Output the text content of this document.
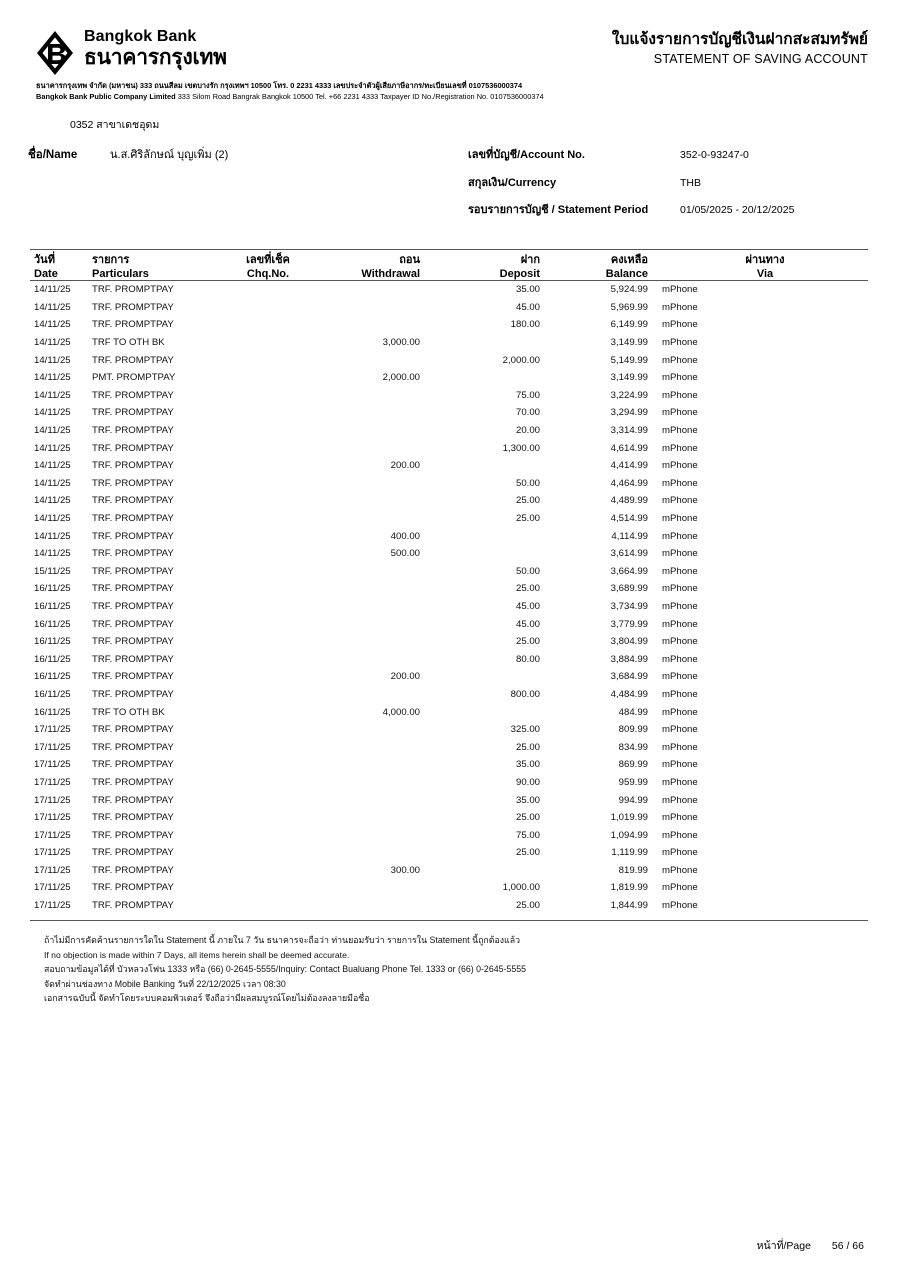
Bangkok Bank
ธนาคารกรุงเทพ
ใบแจ้งรายการบัญชีเงินฝากสะสมทรัพย์
STATEMENT OF SAVING ACCOUNT
ธนาคารกรุงเทพ จำกัด (มหาชน) 333 ถนนสีลม เขตบางรัก กรุงเทพฯ 10500 โทร. 0 2231 4333 เลขประจำตัวผู้เสียภาษีอากร/ทะเบียนเลขที่ 0107536000374
Bangkok Bank Public Company Limited 333 Silom Road Bangrak Bangkok 10500 Tel. +66 2231 4333 Taxpayer ID No./Registration No. 0107536000374
0352 สาขาเดชอุดม
ชื่อ/Name	น.ส.ศิริลักษณ์ บุญเพิ่ม (2)	เลขที่บัญชี/Account No.	352-0-93247-0
สกุลเงิน/Currency	THB
รอบรายการบัญชี / Statement Period	01/05/2025 - 20/12/2025

วันที่	รายการ	เลขที่เช็ค	ถอน	ฝาก	คงเหลือ	ผ่านทาง
Date	Particulars	Chq.No.	Withdrawal	Deposit	Balance	Via

14/11/25	TRF. PROMPTPAY			35.00	5,924.99	mPhone
14/11/25	TRF. PROMPTPAY			45.00	5,969.99	mPhone
14/11/25	TRF. PROMPTPAY			180.00	6,149.99	mPhone
14/11/25	TRF TO OTH BK		3,000.00		3,149.99	mPhone
14/11/25	TRF. PROMPTPAY			2,000.00	5,149.99	mPhone
14/11/25	PMT. PROMPTPAY		2,000.00		3,149.99	mPhone
14/11/25	TRF. PROMPTPAY			75.00	3,224.99	mPhone
14/11/25	TRF. PROMPTPAY			70.00	3,294.99	mPhone
14/11/25	TRF. PROMPTPAY			20.00	3,314.99	mPhone
14/11/25	TRF. PROMPTPAY			1,300.00	4,614.99	mPhone
14/11/25	TRF. PROMPTPAY		200.00		4,414.99	mPhone
14/11/25	TRF. PROMPTPAY			50.00	4,464.99	mPhone
14/11/25	TRF. PROMPTPAY			25.00	4,489.99	mPhone
14/11/25	TRF. PROMPTPAY			25.00	4,514.99	mPhone
14/11/25	TRF. PROMPTPAY		400.00		4,114.99	mPhone
14/11/25	TRF. PROMPTPAY		500.00		3,614.99	mPhone
15/11/25	TRF. PROMPTPAY			50.00	3,664.99	mPhone
16/11/25	TRF. PROMPTPAY			25.00	3,689.99	mPhone
16/11/25	TRF. PROMPTPAY			45.00	3,734.99	mPhone
16/11/25	TRF. PROMPTPAY			45.00	3,779.99	mPhone
16/11/25	TRF. PROMPTPAY			25.00	3,804.99	mPhone
16/11/25	TRF. PROMPTPAY			80.00	3,884.99	mPhone
16/11/25	TRF. PROMPTPAY		200.00		3,684.99	mPhone
16/11/25	TRF. PROMPTPAY			800.00	4,484.99	mPhone
16/11/25	TRF TO OTH BK		4,000.00		484.99	mPhone
17/11/25	TRF. PROMPTPAY			325.00	809.99	mPhone
17/11/25	TRF. PROMPTPAY			25.00	834.99	mPhone
17/11/25	TRF. PROMPTPAY			35.00	869.99	mPhone
17/11/25	TRF. PROMPTPAY			90.00	959.99	mPhone
17/11/25	TRF. PROMPTPAY			35.00	994.99	mPhone
17/11/25	TRF. PROMPTPAY			25.00	1,019.99	mPhone
17/11/25	TRF. PROMPTPAY			75.00	1,094.99	mPhone
17/11/25	TRF. PROMPTPAY			25.00	1,119.99	mPhone
17/11/25	TRF. PROMPTPAY		300.00		819.99	mPhone
17/11/25	TRF. PROMPTPAY			1,000.00	1,819.99	mPhone
17/11/25	TRF. PROMPTPAY			25.00	1,844.99	mPhone
ถ้าไม่มีการคัดค้านรายการใดใน Statement นี้ ภายใน 7 วัน ธนาคารจะถือว่า ท่านยอมรับว่า รายการใน Statement นี้ถูกต้องแล้ว
If no objection is made within 7 Days, all items herein shall be deemed accurate.
สอบถามข้อมูลได้ที่ บัวหลวงโฟน 1333 หรือ (66) 0-2645-5555/Inquiry: Contact Bualuang Phone Tel. 1333 or (66) 0-2645-5555
จัดทำผ่านช่องทาง Mobile Banking วันที่ 22/12/2025 เวลา 08:30
เอกสารฉบับนี้ จัดทำโดยระบบคอมพิวเตอร์ จึงถือว่ามีผลสมบูรณ์โดยไม่ต้องลงลายมือชื่อ
หน้าที่/Page 56 / 66
